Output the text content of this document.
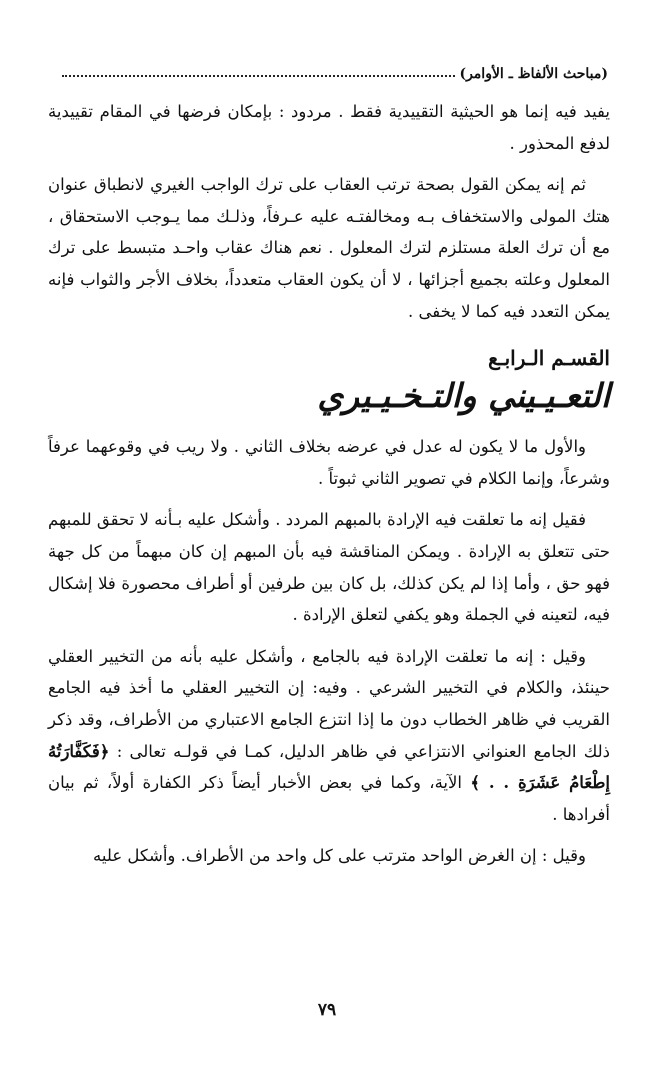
(مباحث الألفاظ ـ الأوامر)

يفيد فيه إنما هو الحيثية التقييدية فقط . مردود : بإمكان فرضها في المقام تقييدية لدفع المحذور .

ثم إنه يمكن القول بصحة ترتب العقاب على ترك الواجب الغيري لانطباق عنوان هتك المولى والاستخفاف بـه ومخالفتـه عليه عـرفاً، وذلـك مما يـوجب الاستحقاق ، مع أن ترك العلة مستلزم لترك المعلول . نعم هناك عقاب واحـد متبسط على ترك المعلول وعلته بجميع أجزائها ، لا أن يكون العقاب متعدداً، بخلاف الأجر والثواب فإنه يمكن التعدد فيه كما لا يخفى .

القسـم الـرابـع
التعـيـيني والتـخـيـيري

والأول ما لا يكون له عدل في عرضه بخلاف الثاني . ولا ريب في وقوعهما عرفاً وشرعاً، وإنما الكلام في تصوير الثاني ثبوتاً .

فقيل إنه ما تعلقت فيه الإرادة بالمبهم المردد . وأشكل عليه بـأنه لا تحقق للمبهم حتى تتعلق به الإرادة . ويمكن المناقشة فيه بأن المبهم إن كان مبهماً من كل جهة فهو حق ، وأما إذا لم يكن كذلك، بل كان بين طرفين أو أطراف محصورة فلا إشكال فيه، لتعينه في الجملة وهو يكفي لتعلق الإرادة .

وقيل : إنه ما تعلقت الإرادة فيه بالجامع ، وأشكل عليه بأنه من التخيير العقلي حينئذ، والكلام في التخيير الشرعي . وفيه: إن التخيير العقلي ما أخذ فيه الجامع القريب في ظاهر الخطاب دون ما إذا انتزع الجامع الاعتباري من الأطراف، وقد ذكر ذلك الجامع العنواني الانتزاعي في ظاهر الدليل، كمـا في قولـه تعالى : ﴿فَكَفَّارَتُهُ إِطْعَامُ عَشَرَةِ . . ﴾ الآية، وكما في بعض الأخبار أيضاً ذكر الكفارة أولاً، ثم بيان أفرادها .

وقيل : إن الغرض الواحد مترتب على كل واحد من الأطراف. وأشكل عليه

٧٩
